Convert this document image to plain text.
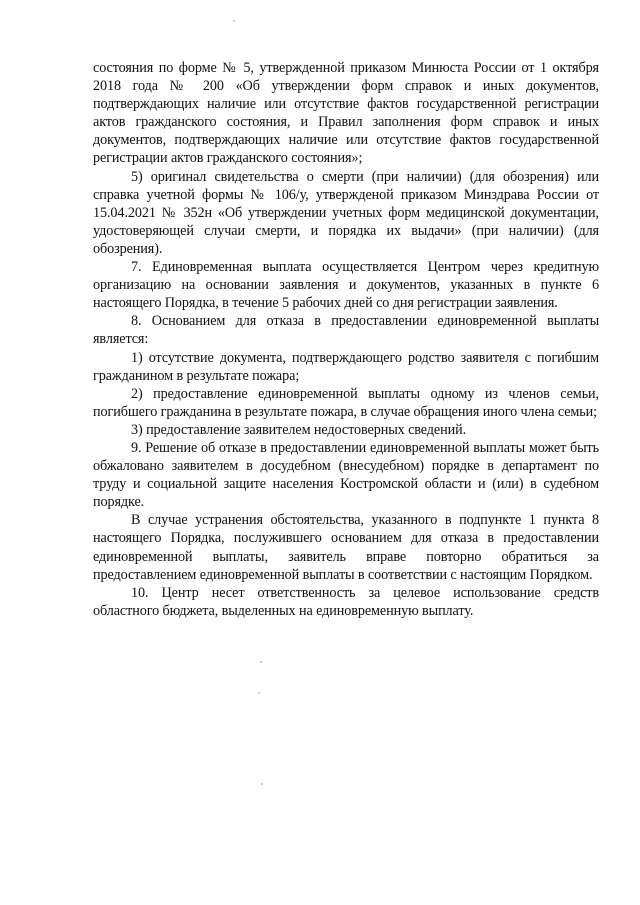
состояния по форме № 5, утвержденной приказом Минюста России от 1 октября 2018 года № 200 «Об утверждении форм справок и иных документов, подтверждающих наличие или отсутствие фактов государственной регистрации актов гражданского состояния, и Правил заполнения форм справок и иных документов, подтверждающих наличие или отсутствие фактов государственной регистрации актов гражданского состояния»;

5) оригинал свидетельства о смерти (при наличии) (для обозрения) или справка учетной формы № 106/у, утвержденой приказом Минздрава России от 15.04.2021 № 352н «Об утверждении учетных форм медицинской документации, удостоверяющей случаи смерти, и порядка их выдачи» (при наличии) (для обозрения).

7. Единовременная выплата осуществляется Центром через кредитную организацию на основании заявления и документов, указанных в пункте 6 настоящего Порядка, в течение 5 рабочих дней со дня регистрации заявления.

8. Основанием для отказа в предоставлении единовременной выплаты является:

1) отсутствие документа, подтверждающего родство заявителя с погибшим гражданином в результате пожара;

2) предоставление единовременной выплаты одному из членов семьи, погибшего гражданина в результате пожара, в случае обращения иного члена семьи;

3) предоставление заявителем недостоверных сведений.

9. Решение об отказе в предоставлении единовременной выплаты может быть обжаловано заявителем в досудебном (внесудебном) порядке в департамент по труду и социальной защите населения Костромской области и (или) в судебном порядке.

В случае устранения обстоятельства, указанного в подпункте 1 пункта 8 настоящего Порядка, послужившего основанием для отказа в предоставлении единовременной выплаты, заявитель вправе повторно обратиться за предоставлением единовременной выплаты в соответствии с настоящим Порядком.

10. Центр несет ответственность за целевое использование средств областного бюджета, выделенных на единовременную выплату.
